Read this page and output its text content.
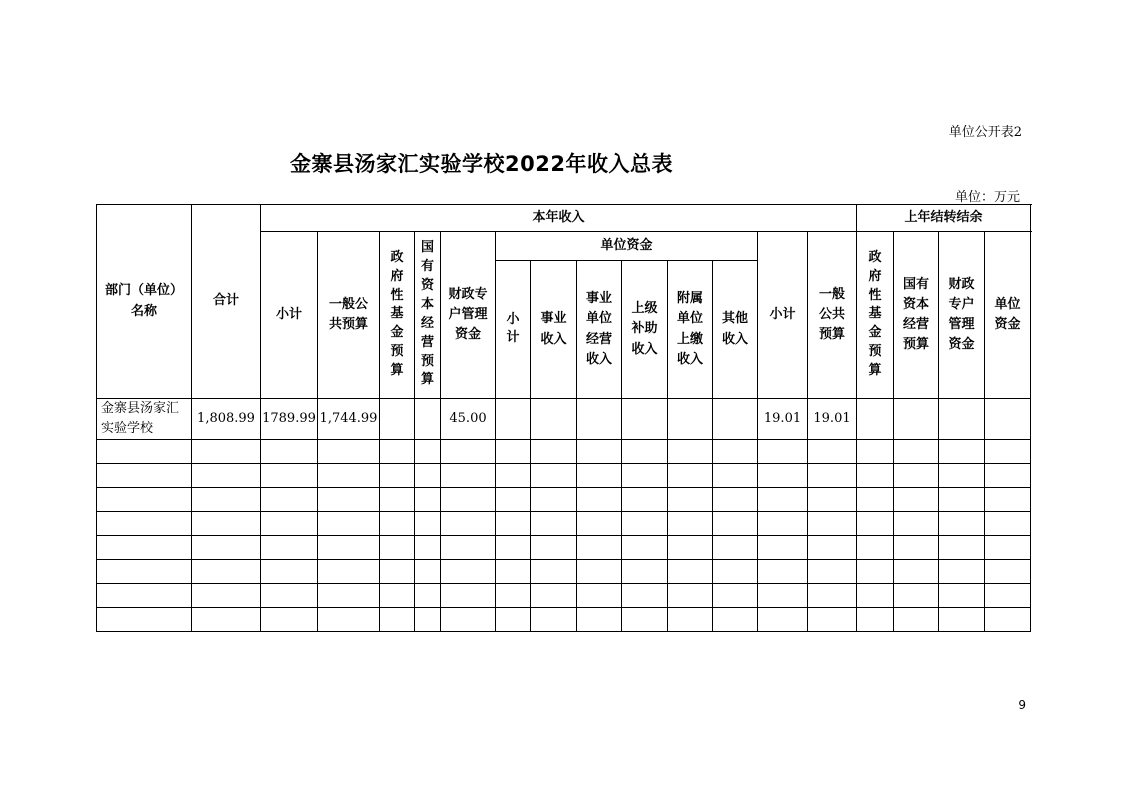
单位公开表2
金寨县汤家汇实验学校2022年收入总表
单位：万元
部门（单位）名称	合计	本年收入													上年结转结余			
		小计	一般公共预算	政府性基金预算	国有资本经营预算	财政专户管理资金	单位资金						小计	一般公共预算	政府性基金预算	国有资本经营预算	财政专户管理资金	单位资金
							小计	事业收入	事业单位经营收入	上级补助收入	附属单位上缴收入	其他收入						
金寨县汤家汇实验学校	1,808.99	1789.99	1,744.99			45.00							19.01	19.01				

9
